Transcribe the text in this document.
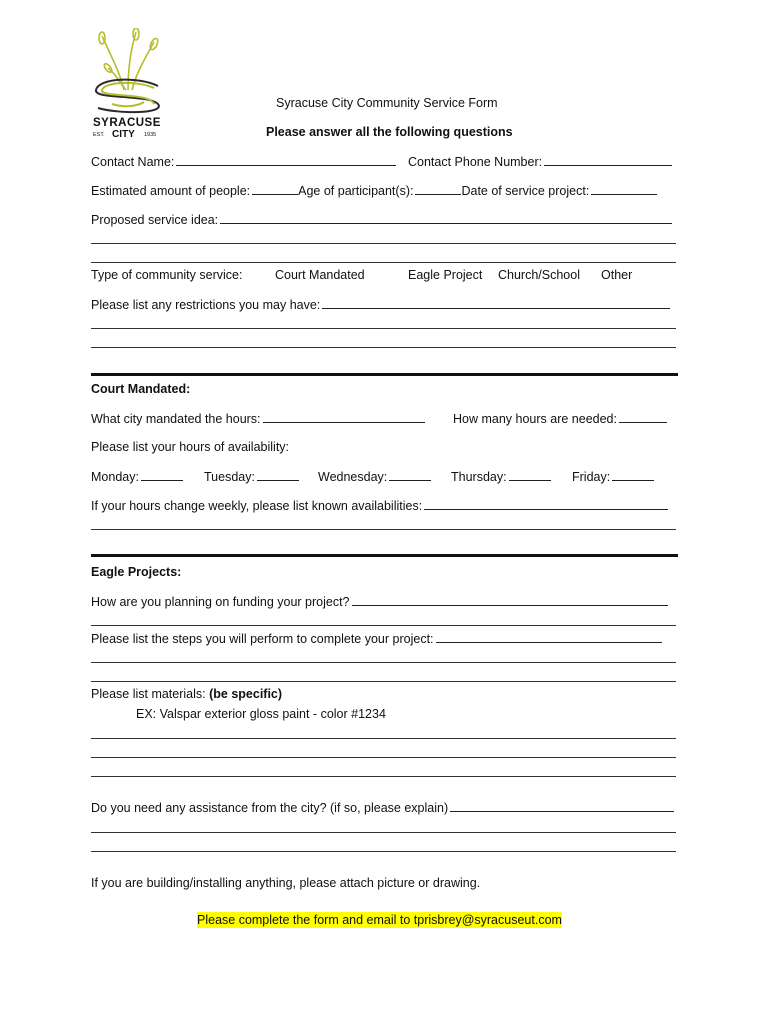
SYRACUSE
EST. CITY 1935
Syracuse City Community Service Form
Please answer all the following questions
Contact Name:	Contact Phone Number:
Estimated amount of people:	Age of participant(s):	Date of service project:
Proposed service idea:
Type of community service:	Court Mandated	Eagle Project Church/School Other
Please list any restrictions you may have:
Court Mandated:
What city mandated the hours:	How many hours are needed:
Please list your hours of availability:
Monday:	Tuesday:	Wednesday:	Thursday:	Friday:
If your hours change weekly, please list known availabilities:
Eagle Projects:
How are you planning on funding your project?
Please list the steps you will perform to complete your project:
Please list materials: (be specific)
EX: Valspar exterior gloss paint - color #1234
Do you need any assistance from the city? (if so, please explain)
If you are building/installing anything, please attach picture or drawing.
Please complete the form and email to tprisbrey@syracuseut.com
